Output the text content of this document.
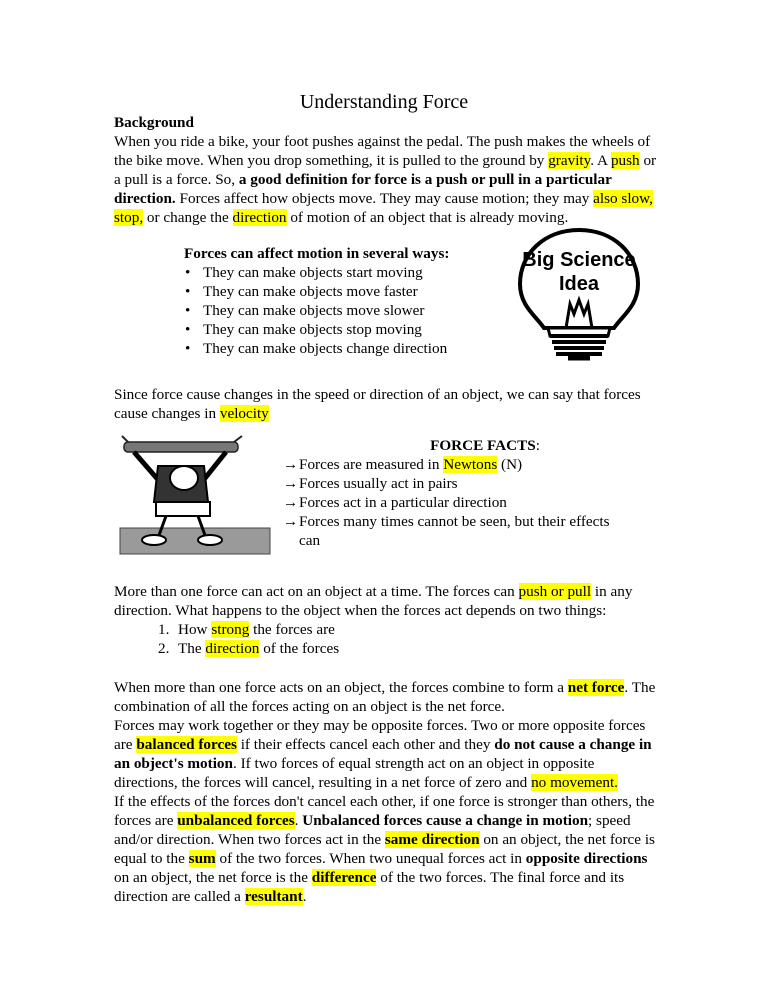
Understanding Force
Background
When you ride a bike, your foot pushes against the pedal. The push makes the wheels of the bike move. When you drop something, it is pulled to the ground by gravity. A push or a pull is a force. So, a good definition for force is a push or pull in a particular direction. Forces affect how objects move. They may cause motion; they may also slow, stop, or change the direction of motion of an object that is already moving.
Forces can affect motion in several ways:
• They can make objects start moving
• They can make objects move faster
• They can make objects move slower
• They can make objects stop moving
• They can make objects change direction
Big Science
Idea
Since force cause changes in the speed or direction of an object, we can say that forces cause changes in velocity
FORCE FACTS:
→Forces are measured in Newtons (N)
→Forces usually act in pairs
→Forces act in a particular direction
→Forces many times cannot be seen, but their effects
can
More than one force can act on an object at a time. The forces can push or pull in any direction. What happens to the object when the forces act depends on two things:
1. How strong the forces are
2. The direction of the forces
When more than one force acts on an object, the forces combine to form a net force. The combination of all the forces acting on an object is the net force.
Forces may work together or they may be opposite forces. Two or more opposite forces are balanced forces if their effects cancel each other and they do not cause a change in an object's motion. If two forces of equal strength act on an object in opposite directions, the forces will cancel, resulting in a net force of zero and no movement.
If the effects of the forces don't cancel each other, if one force is stronger than others, the forces are unbalanced forces. Unbalanced forces cause a change in motion; speed and/or direction. When two forces act in the same direction on an object, the net force is equal to the sum of the two forces. When two unequal forces act in opposite directions on an object, the net force is the difference of the two forces. The final force and its direction are called a resultant.
